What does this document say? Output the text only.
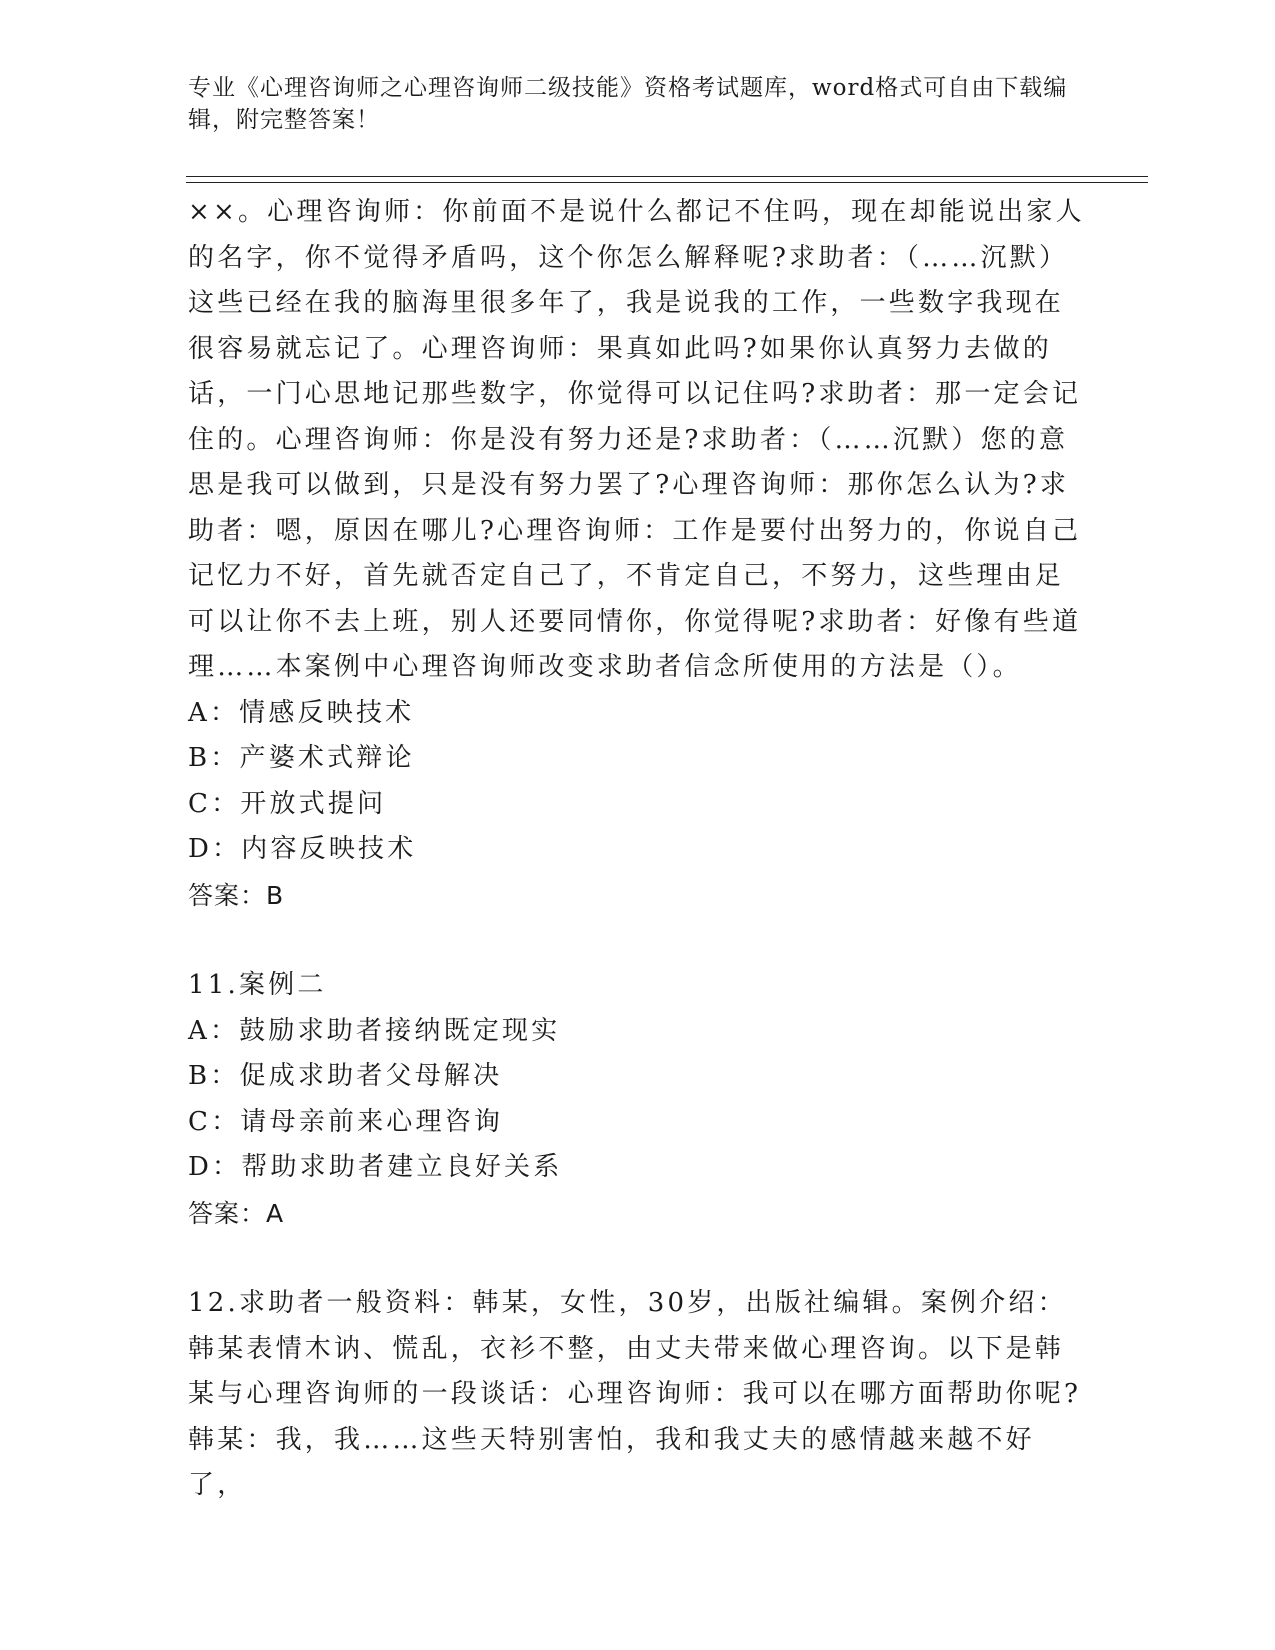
专业《心理咨询师之心理咨询师二级技能》资格考试题库，word格式可自由下载编辑，附完整答案！

××。心理咨询师：你前面不是说什么都记不住吗，现在却能说出家人的名字，你不觉得矛盾吗，这个你怎么解释呢?求助者：（……沉默）这些已经在我的脑海里很多年了，我是说我的工作，一些数字我现在很容易就忘记了。心理咨询师：果真如此吗?如果你认真努力去做的话，一门心思地记那些数字，你觉得可以记住吗?求助者：那一定会记住的。心理咨询师：你是没有努力还是?求助者：（……沉默）您的意思是我可以做到，只是没有努力罢了?心理咨询师：那你怎么认为?求助者：嗯，原因在哪儿?心理咨询师：工作是要付出努力的，你说自己记忆力不好，首先就否定自己了，不肯定自己，不努力，这些理由足可以让你不去上班，别人还要同情你，你觉得呢?求助者：好像有些道理……本案例中心理咨询师改变求助者信念所使用的方法是（）。

A：情感反映技术

B：产婆术式辩论

C：开放式提问

D：内容反映技术

答案：B

11.案例二

A：鼓励求助者接纳既定现实

B：促成求助者父母解决

C：请母亲前来心理咨询

D：帮助求助者建立良好关系

答案：A

12.求助者一般资料：韩某，女性，30岁，出版社编辑。案例介绍：韩某表情木讷、慌乱，衣衫不整，由丈夫带来做心理咨询。以下是韩某与心理咨询师的一段谈话：心理咨询师：我可以在哪方面帮助你呢?韩某：我，我……这些天特别害怕，我和我丈夫的感情越来越不好了，
